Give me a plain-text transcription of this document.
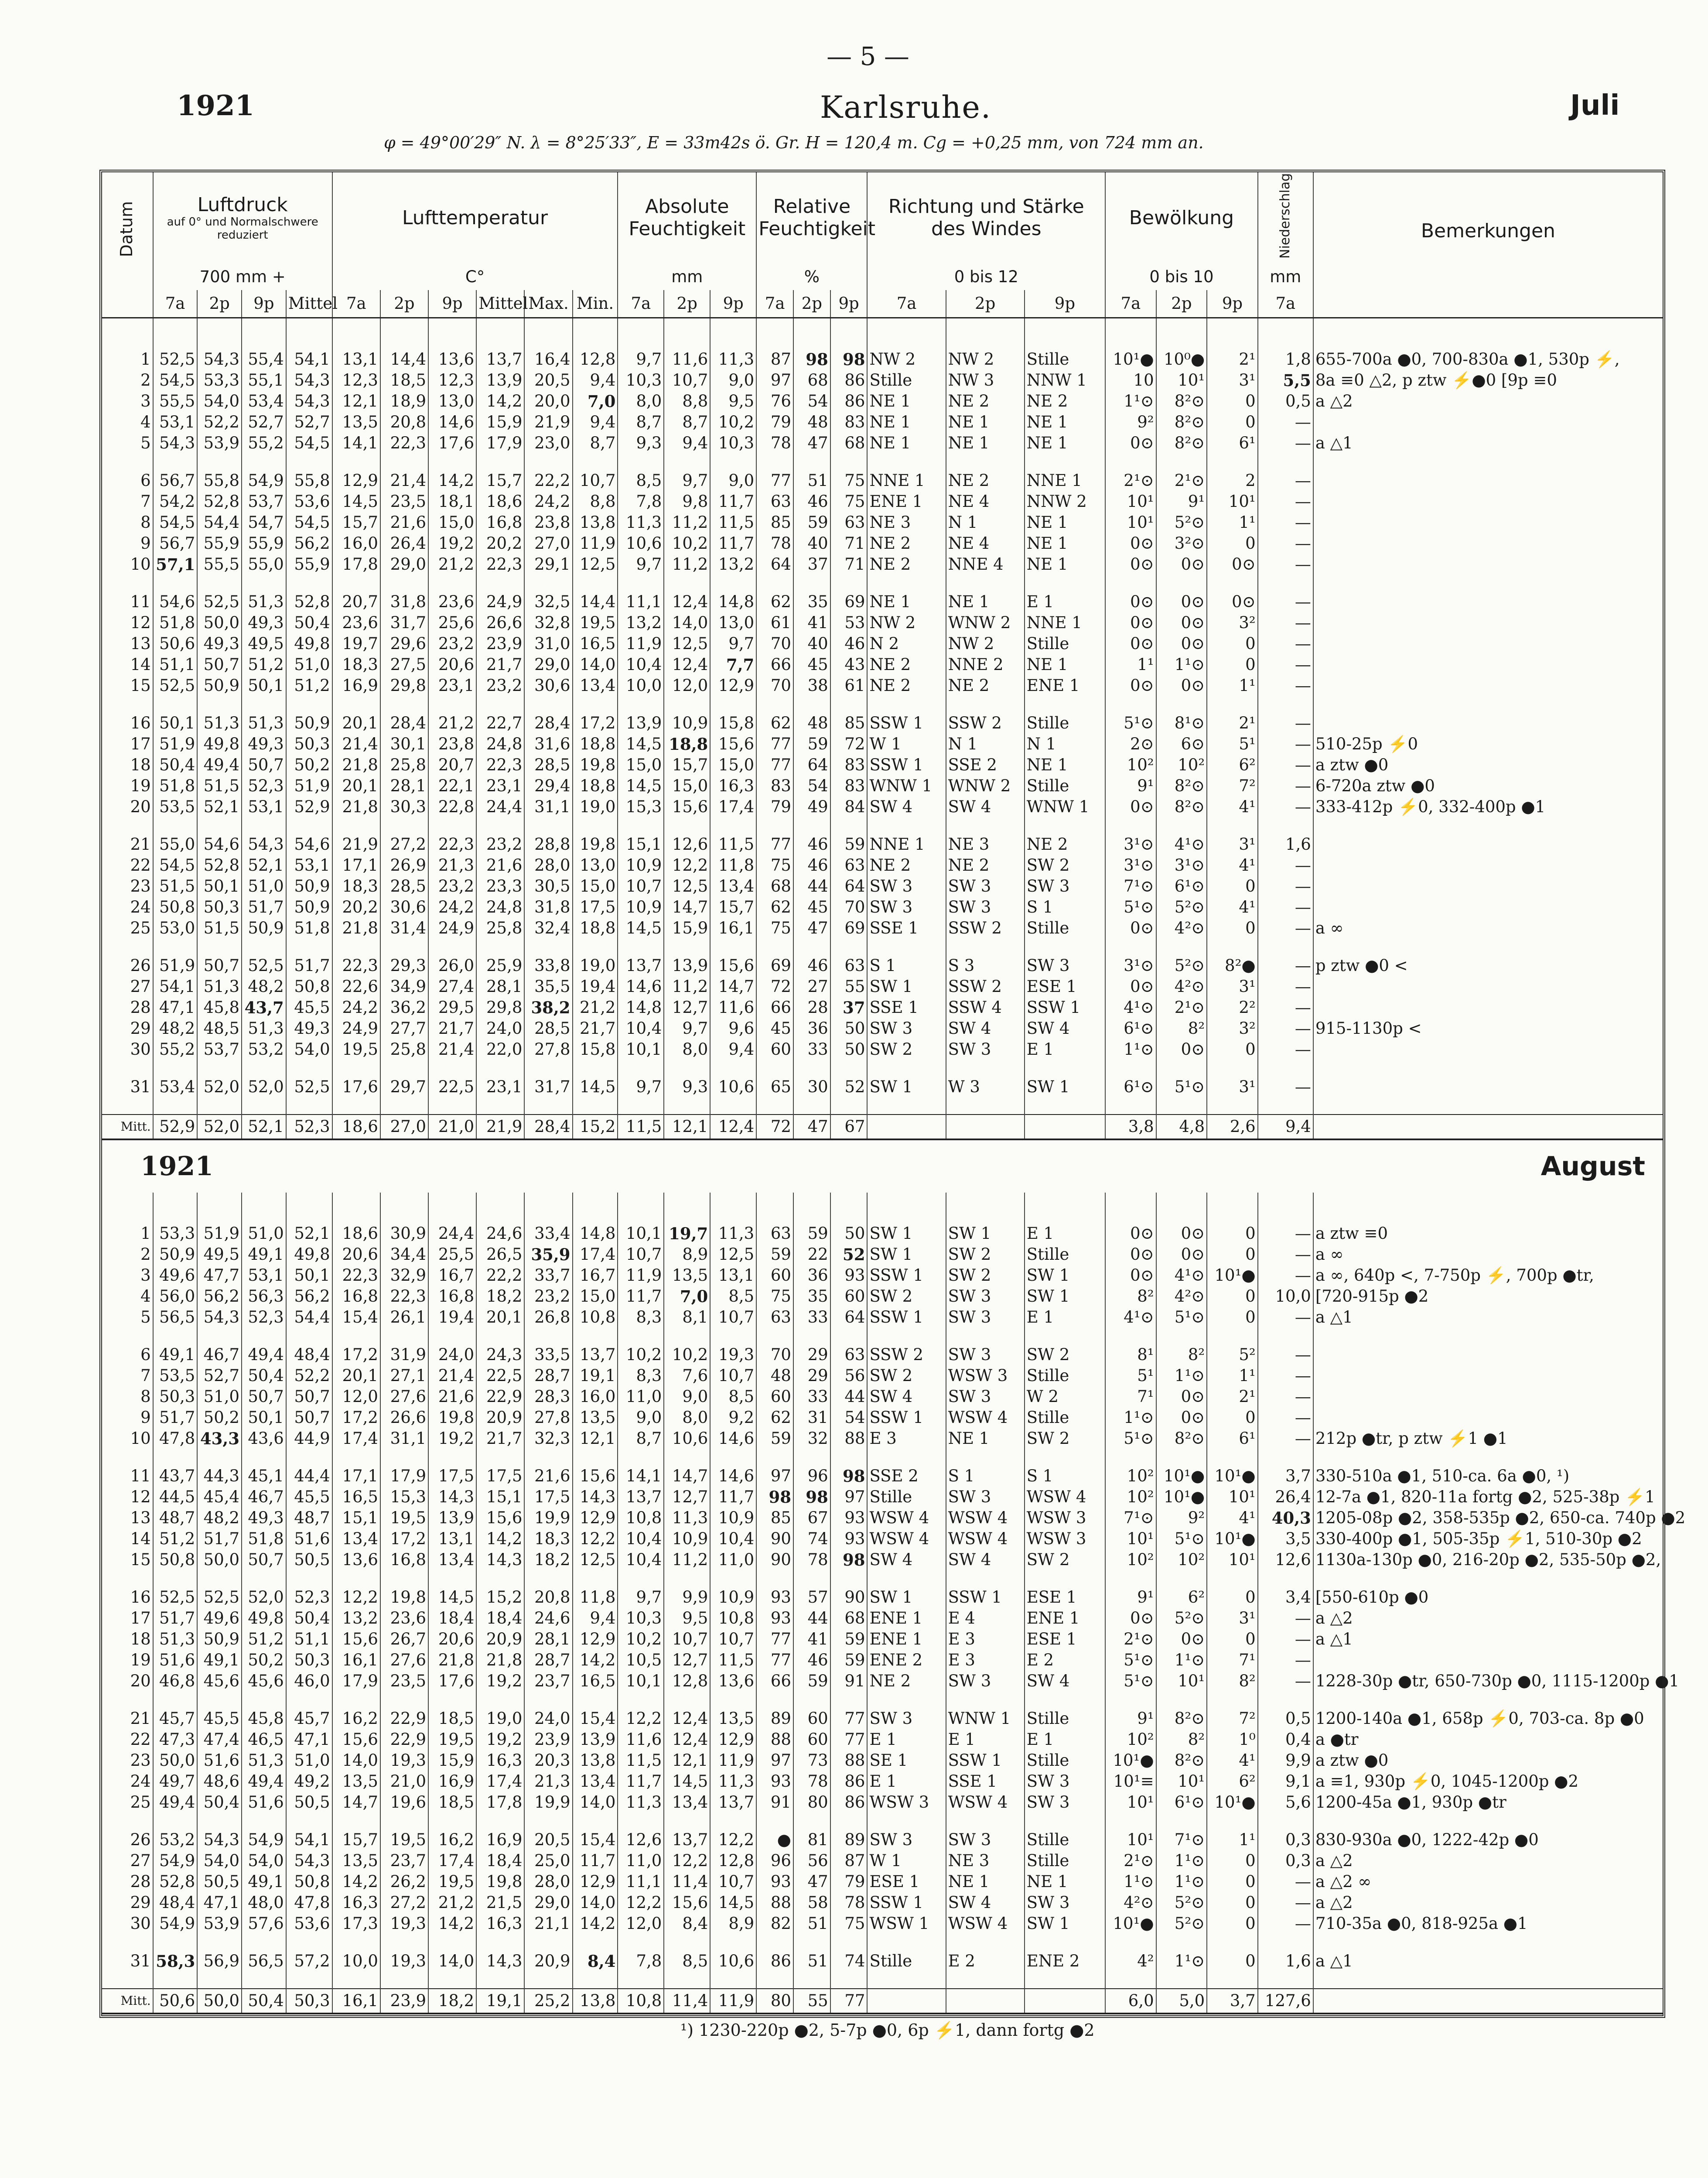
— 5 —
1921	Karlsruhe.	Juli
φ = 49°00′29″ N. λ = 8°25′33″, E = 33m42s ö. Gr. H = 120,4 m. Cg = +0,25 mm, von 724 mm an.
Datum	Luftdruck
auf 0° und Normalschwere reduziert				Lufttemperatur						Absolute Feuchtigkeit			Relative Feuchtigkeit			Richtung und Stärke des Windes			Bewölkung			Niederschlag	Bemerkungen

	700 mm +				C°						mm			%			0 bis 12			0 bis 10			mm	
	7a	2p	9p	Mittel	7a	2p	9p	Mittel	Max.	Min.	7a	2p	9p	7a	2p	9p	7a	2p	9p	7a	2p	9p	7a	

1	52,5	54,3	55,4	54,1	13,1	14,4	13,6	13,7	16,4	12,8	9,7	11,6	11,3	87	98	98	NW 2	NW 2	Stille	10¹●	10⁰●	2¹	1,8	655-700a ●0, 700-830a ●1, 530p ⚡,
2	54,5	53,3	55,1	54,3	12,3	18,5	12,3	13,9	20,5	9,4	10,3	10,7	9,0	97	68	86	Stille	NW 3	NNW 1	10	10¹	3¹	5,5	8a ≡0 △2, p ztw ⚡●0 [9p ≡0
3	55,5	54,0	53,4	54,3	12,1	18,9	13,0	14,2	20,0	7,0	8,0	8,8	9,5	76	54	86	NE 1	NE 2	NE 2	1¹⊙	8²⊙	0	0,5	a △2
4	53,1	52,2	52,7	52,7	13,5	20,8	14,6	15,9	21,9	9,4	8,7	8,7	10,2	79	48	83	NE 1	NE 1	NE 1	9²	8²⊙	0	—	
5	54,3	53,9	55,2	54,5	14,1	22,3	17,6	17,9	23,0	8,7	9,3	9,4	10,3	78	47	68	NE 1	NE 1	NE 1	0⊙	8²⊙	6¹	—	a △1

6	56,7	55,8	54,9	55,8	12,9	21,4	14,2	15,7	22,2	10,7	8,5	9,7	9,0	77	51	75	NNE 1	NE 2	NNE 1	2¹⊙	2¹⊙	2	—	
7	54,2	52,8	53,7	53,6	14,5	23,5	18,1	18,6	24,2	8,8	7,8	9,8	11,7	63	46	75	ENE 1	NE 4	NNW 2	10¹	9¹	10¹	—	
8	54,5	54,4	54,7	54,5	15,7	21,6	15,0	16,8	23,8	13,8	11,3	11,2	11,5	85	59	63	NE 3	N 1	NE 1	10¹	5²⊙	1¹	—	
9	56,7	55,9	55,9	56,2	16,0	26,4	19,2	20,2	27,0	11,9	10,6	10,2	11,7	78	40	71	NE 2	NE 4	NE 1	0⊙	3²⊙	0	—	
10	57,1	55,5	55,0	55,9	17,8	29,0	21,2	22,3	29,1	12,5	9,7	11,2	13,2	64	37	71	NE 2	NNE 4	NE 1	0⊙	0⊙	0⊙	—	

11	54,6	52,5	51,3	52,8	20,7	31,8	23,6	24,9	32,5	14,4	11,1	12,4	14,8	62	35	69	NE 1	NE 1	E 1	0⊙	0⊙	0⊙	—	
12	51,8	50,0	49,3	50,4	23,6	31,7	25,6	26,6	32,8	19,5	13,2	14,0	13,0	61	41	53	NW 2	WNW 2	NNE 1	0⊙	0⊙	3²	—	
13	50,6	49,3	49,5	49,8	19,7	29,6	23,2	23,9	31,0	16,5	11,9	12,5	9,7	70	40	46	N 2	NW 2	Stille	0⊙	0⊙	0	—	
14	51,1	50,7	51,2	51,0	18,3	27,5	20,6	21,7	29,0	14,0	10,4	12,4	7,7	66	45	43	NE 2	NNE 2	NE 1	1¹	1¹⊙	0	—	
15	52,5	50,9	50,1	51,2	16,9	29,8	23,1	23,2	30,6	13,4	10,0	12,0	12,9	70	38	61	NE 2	NE 2	ENE 1	0⊙	0⊙	1¹	—	

16	50,1	51,3	51,3	50,9	20,1	28,4	21,2	22,7	28,4	17,2	13,9	10,9	15,8	62	48	85	SSW 1	SSW 2	Stille	5¹⊙	8¹⊙	2¹	—	
17	51,9	49,8	49,3	50,3	21,4	30,1	23,8	24,8	31,6	18,8	14,5	18,8	15,6	77	59	72	W 1	N 1	N 1	2⊙	6⊙	5¹	—	510-25p ⚡0
18	50,4	49,4	50,7	50,2	21,8	25,8	20,7	22,3	28,5	19,8	15,0	15,7	15,0	77	64	83	SSW 1	SSE 2	NE 1	10²	10²	6²	—	a ztw ●0
19	51,8	51,5	52,3	51,9	20,1	28,1	22,1	23,1	29,4	18,8	14,5	15,0	16,3	83	54	83	WNW 1	WNW 2	Stille	9¹	8²⊙	7²	—	6-720a ztw ●0
20	53,5	52,1	53,1	52,9	21,8	30,3	22,8	24,4	31,1	19,0	15,3	15,6	17,4	79	49	84	SW 4	SW 4	WNW 1	0⊙	8²⊙	4¹	—	333-412p ⚡0, 332-400p ●1

21	55,0	54,6	54,3	54,6	21,9	27,2	22,3	23,2	28,8	19,8	15,1	12,6	11,5	77	46	59	NNE 1	NE 3	NE 2	3¹⊙	4¹⊙	3¹	1,6	
22	54,5	52,8	52,1	53,1	17,1	26,9	21,3	21,6	28,0	13,0	10,9	12,2	11,8	75	46	63	NE 2	NE 2	SW 2	3¹⊙	3¹⊙	4¹	—	
23	51,5	50,1	51,0	50,9	18,3	28,5	23,2	23,3	30,5	15,0	10,7	12,5	13,4	68	44	64	SW 3	SW 3	SW 3	7¹⊙	6¹⊙	0	—	
24	50,8	50,3	51,7	50,9	20,2	30,6	24,2	24,8	31,8	17,5	10,9	14,7	15,7	62	45	70	SW 3	SW 3	S 1	5¹⊙	5²⊙	4¹	—	
25	53,0	51,5	50,9	51,8	21,8	31,4	24,9	25,8	32,4	18,8	14,5	15,9	16,1	75	47	69	SSE 1	SSW 2	Stille	0⊙	4²⊙	0	—	a ∞

26	51,9	50,7	52,5	51,7	22,3	29,3	26,0	25,9	33,8	19,0	13,7	13,9	15,6	69	46	63	S 1	S 3	SW 3	3¹⊙	5²⊙	8²●	—	p ztw ●0 <
27	54,1	51,3	48,2	50,8	22,6	34,9	27,4	28,1	35,5	19,4	14,6	11,2	14,7	72	27	55	SW 1	SSW 2	ESE 1	0⊙	4²⊙	3¹	—	
28	47,1	45,8	43,7	45,5	24,2	36,2	29,5	29,8	38,2	21,2	14,8	12,7	11,6	66	28	37	SSE 1	SSW 4	SSW 1	4¹⊙	2¹⊙	2²	—	
29	48,2	48,5	51,3	49,3	24,9	27,7	21,7	24,0	28,5	21,7	10,4	9,7	9,6	45	36	50	SW 3	SW 4	SW 4	6¹⊙	8²	3²	—	915-1130p <
30	55,2	53,7	53,2	54,0	19,5	25,8	21,4	22,0	27,8	15,8	10,1	8,0	9,4	60	33	50	SW 2	SW 3	E 1	1¹⊙	0⊙	0	—	

31	53,4	52,0	52,0	52,5	17,6	29,7	22,5	23,1	31,7	14,5	9,7	9,3	10,6	65	30	52	SW 1	W 3	SW 1	6¹⊙	5¹⊙	3¹	—	

Mitt.	52,9	52,0	52,1	52,3	18,6	27,0	21,0	21,9	28,4	15,2	11,5	12,1	12,4	72	47	67				3,8	4,8	2,6	9,4	
1921																								August

1	53,3	51,9	51,0	52,1	18,6	30,9	24,4	24,6	33,4	14,8	10,1	19,7	11,3	63	59	50	SW 1	SW 1	E 1	0⊙	0⊙	0	—	a ztw ≡0
2	50,9	49,5	49,1	49,8	20,6	34,4	25,5	26,5	35,9	17,4	10,7	8,9	12,5	59	22	52	SW 1	SW 2	Stille	0⊙	0⊙	0	—	a ∞
3	49,6	47,7	53,1	50,1	22,3	32,9	16,7	22,2	33,7	16,7	11,9	13,5	13,1	60	36	93	SSW 1	SW 2	SW 1	0⊙	4¹⊙	10¹●	—	a ∞, 640p <, 7-750p ⚡, 700p ●tr,
4	56,0	56,2	56,3	56,2	16,8	22,3	16,8	18,2	23,2	15,0	11,7	7,0	8,5	75	35	60	SW 2	SW 3	SW 1	8²	4²⊙	0	10,0	[720-915p ●2
5	56,5	54,3	52,3	54,4	15,4	26,1	19,4	20,1	26,8	10,8	8,3	8,1	10,7	63	33	64	SSW 1	SW 3	E 1	4¹⊙	5¹⊙	0	—	a △1

6	49,1	46,7	49,4	48,4	17,2	31,9	24,0	24,3	33,5	13,7	10,2	10,2	19,3	70	29	63	SSW 2	SW 3	SW 2	8¹	8²	5²	—	
7	53,5	52,7	50,4	52,2	20,1	27,1	21,4	22,5	28,7	19,1	8,3	7,6	10,7	48	29	56	SW 2	WSW 3	Stille	5¹	1¹⊙	1¹	—	
8	50,3	51,0	50,7	50,7	12,0	27,6	21,6	22,9	28,3	16,0	11,0	9,0	8,5	60	33	44	SW 4	SW 3	W 2	7¹	0⊙	2¹	—	
9	51,7	50,2	50,1	50,7	17,2	26,6	19,8	20,9	27,8	13,5	9,0	8,0	9,2	62	31	54	SSW 1	WSW 4	Stille	1¹⊙	0⊙	0	—	
10	47,8	43,3	43,6	44,9	17,4	31,1	19,2	21,7	32,3	12,1	8,7	10,6	14,6	59	32	88	E 3	NE 1	SW 2	5¹⊙	8²⊙	6¹	—	212p ●tr, p ztw ⚡1 ●1

11	43,7	44,3	45,1	44,4	17,1	17,9	17,5	17,5	21,6	15,6	14,1	14,7	14,6	97	96	98	SSE 2	S 1	S 1	10²	10¹●	10¹●	3,7	330-510a ●1, 510-ca. 6a ●0, ¹)
12	44,5	45,4	46,7	45,5	16,5	15,3	14,3	15,1	17,5	14,3	13,7	12,7	11,7	98	98	97	Stille	SW 3	WSW 4	10²	10¹●	10¹	26,4	12-7a ●1, 820-11a fortg ●2, 525-38p ⚡1
13	48,7	48,2	49,3	48,7	15,1	19,5	13,9	15,6	19,9	12,9	10,8	11,3	10,9	85	67	93	WSW 4	WSW 4	WSW 3	7¹⊙	9²	4¹	40,3	1205-08p ●2, 358-535p ●2, 650-ca. 740p ●2
14	51,2	51,7	51,8	51,6	13,4	17,2	13,1	14,2	18,3	12,2	10,4	10,9	10,4	90	74	93	WSW 4	WSW 4	WSW 3	10¹	5¹⊙	10¹●	3,5	330-400p ●1, 505-35p ⚡1, 510-30p ●2
15	50,8	50,0	50,7	50,5	13,6	16,8	13,4	14,3	18,2	12,5	10,4	11,2	11,0	90	78	98	SW 4	SW 4	SW 2	10²	10²	10¹	12,6	1130a-130p ●0, 216-20p ●2, 535-50p ●2,

16	52,5	52,5	52,0	52,3	12,2	19,8	14,5	15,2	20,8	11,8	9,7	9,9	10,9	93	57	90	SW 1	SSW 1	ESE 1	9¹	6²	0	3,4	[550-610p ●0
17	51,7	49,6	49,8	50,4	13,2	23,6	18,4	18,4	24,6	9,4	10,3	9,5	10,8	93	44	68	ENE 1	E 4	ENE 1	0⊙	5²⊙	3¹	—	a △2
18	51,3	50,9	51,2	51,1	15,6	26,7	20,6	20,9	28,1	12,9	10,2	10,7	10,7	77	41	59	ENE 1	E 3	ESE 1	2¹⊙	0⊙	0	—	a △1
19	51,6	49,1	50,2	50,3	16,1	27,6	21,8	21,8	28,7	14,2	10,5	12,7	11,5	77	46	59	ENE 2	E 3	E 2	5¹⊙	1¹⊙	7¹	—	
20	46,8	45,6	45,6	46,0	17,9	23,5	17,6	19,2	23,7	16,5	10,1	12,8	13,6	66	59	91	NE 2	SW 3	SW 4	5¹⊙	10¹	8²	—	1228-30p ●tr, 650-730p ●0, 1115-1200p ●1

21	45,7	45,5	45,8	45,7	16,2	22,9	18,5	19,0	24,0	15,4	12,2	12,4	13,5	89	60	77	SW 3	WNW 1	Stille	9¹	8²⊙	7²	0,5	1200-140a ●1, 658p ⚡0, 703-ca. 8p ●0
22	47,3	47,4	46,5	47,1	15,6	22,9	19,5	19,2	23,9	13,9	11,6	12,4	12,9	88	60	77	E 1	E 1	E 1	10²	8²	1⁰	0,4	a ●tr
23	50,0	51,6	51,3	51,0	14,0	19,3	15,9	16,3	20,3	13,8	11,5	12,1	11,9	97	73	88	SE 1	SSW 1	Stille	10¹●	8²⊙	4¹	9,9	a ztw ●0
24	49,7	48,6	49,4	49,2	13,5	21,0	16,9	17,4	21,3	13,4	11,7	14,5	11,3	93	78	86	E 1	SSE 1	SW 3	10¹≡	10¹	6²	9,1	a ≡1, 930p ⚡0, 1045-1200p ●2
25	49,4	50,4	51,6	50,5	14,7	19,6	18,5	17,8	19,9	14,0	11,3	13,4	13,7	91	80	86	WSW 3	WSW 4	SW 3	10¹	6¹⊙	10¹●	5,6	1200-45a ●1, 930p ●tr

26	53,2	54,3	54,9	54,1	15,7	19,5	16,2	16,9	20,5	15,4	12,6	13,7	12,2	●	81	89	SW 3	SW 3	Stille	10¹	7¹⊙	1¹	0,3	830-930a ●0, 1222-42p ●0
27	54,9	54,0	54,0	54,3	13,5	23,7	17,4	18,4	25,0	11,7	11,0	12,2	12,8	96	56	87	W 1	NE 3	Stille	2¹⊙	1¹⊙	0	0,3	a △2
28	52,8	50,5	49,1	50,8	14,2	26,2	19,5	19,8	28,0	12,9	11,1	11,4	10,7	93	47	79	ESE 1	NE 1	NE 1	1¹⊙	1¹⊙	0	—	a △2 ∞
29	48,4	47,1	48,0	47,8	16,3	27,2	21,2	21,5	29,0	14,0	12,2	15,6	14,5	88	58	78	SSW 1	SW 4	SW 3	4²⊙	5²⊙	0	—	a △2
30	54,9	53,9	57,6	53,6	17,3	19,3	14,2	16,3	21,1	14,2	12,0	8,4	8,9	82	51	75	WSW 1	WSW 4	SW 1	10¹●	5²⊙	0	—	710-35a ●0, 818-925a ●1

31	58,3	56,9	56,5	57,2	10,0	19,3	14,0	14,3	20,9	8,4	7,8	8,5	10,6	86	51	74	Stille	E 2	ENE 2	4²	1¹⊙	0	1,6	a △1

Mitt.	50,6	50,0	50,4	50,3	16,1	23,9	18,2	19,1	25,2	13,8	10,8	11,4	11,9	80	55	77				6,0	5,0	3,7	127,6	
¹) 1230-220p ●2, 5-7p ●0, 6p ⚡1, dann fortg ●2
